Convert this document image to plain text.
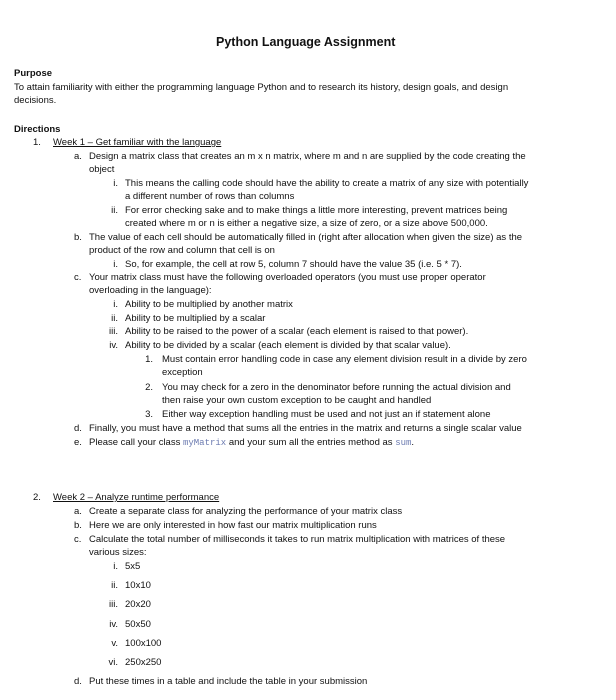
Python Language Assignment
Purpose
To attain familiarity with either the programming language Python and to research its history, design goals, and design
decisions.
Directions
1. Week 1 – Get familiar with the language
a. Design a matrix class that creates an m x n matrix, where m and n are supplied by the code creating the
object
i. This means the calling code should have the ability to create a matrix of any size with potentially
a different number of rows than columns
ii. For error checking sake and to make things a little more interesting, prevent matrices being
created where m or n is either a negative size, a size of zero, or a size above 500,000.
b. The value of each cell should be automatically filled in (right after allocation when given the size) as the
product of the row and column that cell is on
i. So, for example, the cell at row 5, column 7 should have the value 35 (i.e. 5 * 7).
c. Your matrix class must have the following overloaded operators (you must use proper operator
overloading in the language):
i. Ability to be multiplied by another matrix
ii. Ability to be multiplied by a scalar
iii. Ability to be raised to the power of a scalar (each element is raised to that power).
iv. Ability to be divided by a scalar (each element is divided by that scalar value).
1. Must contain error handling code in case any element division result in a divide by zero
exception
2. You may check for a zero in the denominator before running the actual division and
then raise your own custom exception to be caught and handled
3. Either way exception handling must be used and not just an if statement alone
d. Finally, you must have a method that sums all the entries in the matrix and returns a single scalar value
e. Please call your class myMatrix and your sum all the entries method as sum.
2. Week 2 – Analyze runtime performance
a. Create a separate class for analyzing the performance of your matrix class
b. Here we are only interested in how fast our matrix multiplication runs
c. Calculate the total number of milliseconds it takes to run matrix multiplication with matrices of these
various sizes:
i. 5x5
ii. 10x10
iii. 20x20
iv. 50x50
v. 100x100
vi. 250x250
d. Put these times in a table and include the table in your submission
